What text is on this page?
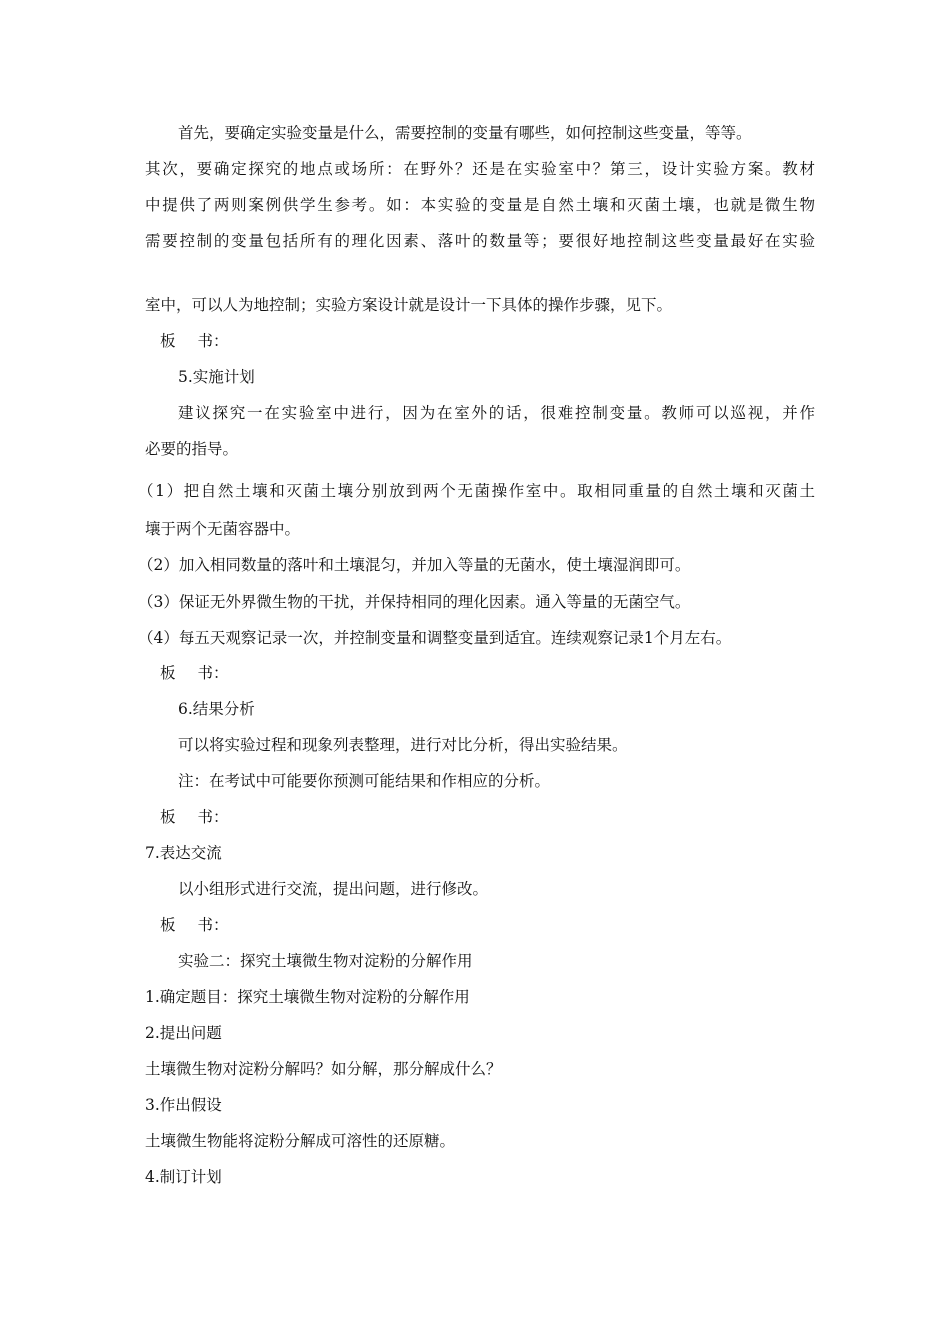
首先，要确定实验变量是什么，需要控制的变量有哪些，如何控制这些变量，等等。
其次，要确定探究的地点或场所：在野外？还是在实验室中？第三，设计实验方案。教材
中提供了两则案例供学生参考。如：本实验的变量是自然土壤和灭菌土壤，也就是微生物
需要控制的变量包括所有的理化因素、落叶的数量等；要很好地控制这些变量最好在实验
室中，可以人为地控制；实验方案设计就是设计一下具体的操作步骤，见下。
板 书：
5.实施计划
建议探究一在实验室中进行，因为在室外的话，很难控制变量。教师可以巡视，并作
必要的指导。
（1）把自然土壤和灭菌土壤分别放到两个无菌操作室中。取相同重量的自然土壤和灭菌土
壤于两个无菌容器中。
（2）加入相同数量的落叶和土壤混匀，并加入等量的无菌水，使土壤湿润即可。
（3）保证无外界微生物的干扰，并保持相同的理化因素。通入等量的无菌空气。
（4）每五天观察记录一次，并控制变量和调整变量到适宜。连续观察记录1个月左右。
板 书：
6.结果分析
可以将实验过程和现象列表整理，进行对比分析，得出实验结果。
注：在考试中可能要你预测可能结果和作相应的分析。
板 书：
7.表达交流
以小组形式进行交流，提出问题，进行修改。
板 书：
实验二：探究土壤微生物对淀粉的分解作用
1.确定题目：探究土壤微生物对淀粉的分解作用
2.提出问题
土壤微生物对淀粉分解吗？如分解，那分解成什么？
3.作出假设
土壤微生物能将淀粉分解成可溶性的还原糖。
4.制订计划
